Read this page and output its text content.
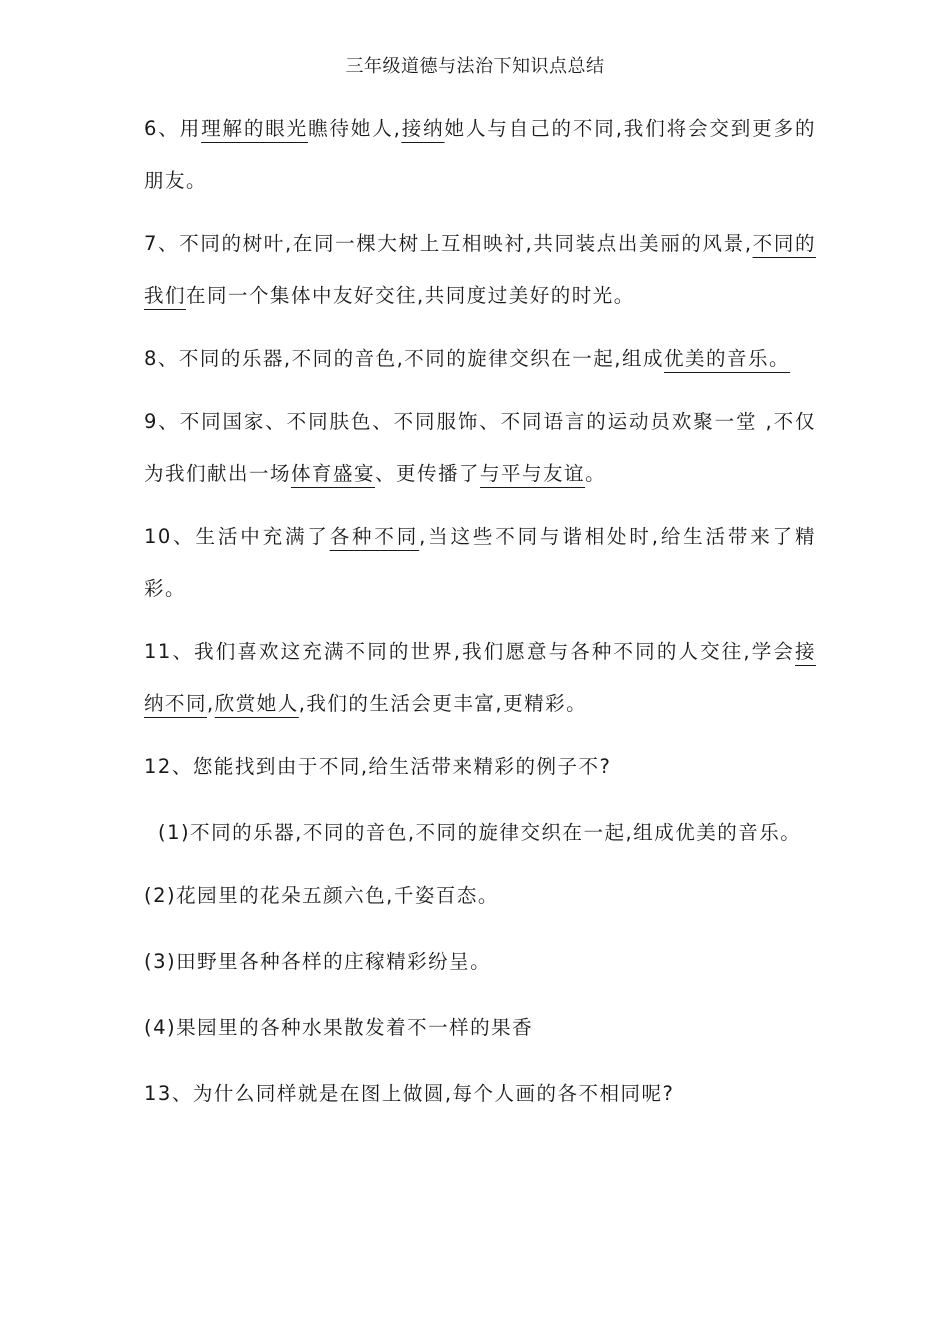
三年级道德与法治下知识点总结

6、用理解的眼光瞧待她人,接纳她人与自己的不同,我们将会交到更多的朋友。

7、不同的树叶,在同一棵大树上互相映衬,共同装点出美丽的风景,不同的我们在同一个集体中友好交往,共同度过美好的时光。

8、不同的乐器,不同的音色,不同的旋律交织在一起,组成优美的音乐。

9、不同国家、不同肤色、不同服饰、不同语言的运动员欢聚一堂 ,不仅为我们献出一场体育盛宴、更传播了与平与友谊。

10、生活中充满了各种不同,当这些不同与谐相处时,给生活带来了精彩。

11、我们喜欢这充满不同的世界,我们愿意与各种不同的人交往,学会接纳不同,欣赏她人,我们的生活会更丰富,更精彩。

12、您能找到由于不同,给生活带来精彩的例子不?

(1)不同的乐器,不同的音色,不同的旋律交织在一起,组成优美的音乐。

(2)花园里的花朵五颜六色,千姿百态。

(3)田野里各种各样的庄稼精彩纷呈。

(4)果园里的各种水果散发着不一样的果香

13、为什么同样就是在图上做圆,每个人画的各不相同呢?
